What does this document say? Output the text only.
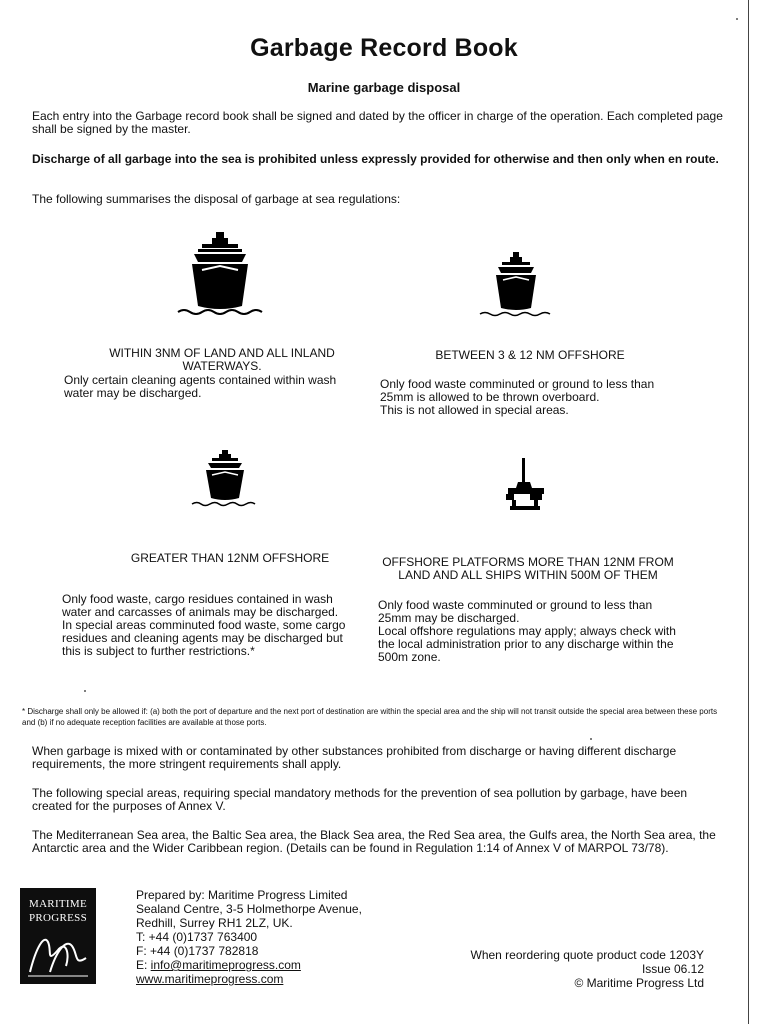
Garbage Record Book
Marine garbage disposal
Each entry into the Garbage record book shall be signed and dated by the officer in charge of the operation. Each completed page shall be signed by the master.
Discharge of all garbage into the sea is prohibited unless expressly provided for otherwise and then only when en route.
The following summarises the disposal of garbage at sea regulations:
WITHIN 3NM OF LAND AND ALL INLAND WATERWAYS.
Only certain cleaning agents contained within wash water may be discharged.
BETWEEN 3 & 12 NM OFFSHORE
Only food waste comminuted or ground to less than 25mm is allowed to be thrown overboard.
This is not allowed in special areas.
GREATER THAN 12NM OFFSHORE
Only food waste, cargo residues contained in wash water and carcasses of animals may be discharged.
In special areas comminuted food waste, some cargo residues and cleaning agents may be discharged but this is subject to further restrictions.*
OFFSHORE PLATFORMS MORE THAN 12NM FROM LAND AND ALL SHIPS WITHIN 500M OF THEM
Only food waste comminuted or ground to less than 25mm may be discharged.
Local offshore regulations may apply; always check with the local administration prior to any discharge within the 500m zone.
* Discharge shall only be allowed if: (a) both the port of departure and the next port of destination are within the special area and the ship will not transit outside the special area between these ports and (b) if no adequate reception facilities are available at those ports.
When garbage is mixed with or contaminated by other substances prohibited from discharge or having different discharge requirements, the more stringent requirements shall apply.
The following special areas, requiring special mandatory methods for the prevention of sea pollution by garbage, have been created for the purposes of Annex V.
The Mediterranean Sea area, the Baltic Sea area, the Black Sea area, the Red Sea area, the Gulfs area, the North Sea area, the Antarctic area and the Wider Caribbean region. (Details can be found in Regulation 1:14 of Annex V of MARPOL 73/78).
MARITIME
PROGRESS
Prepared by: Maritime Progress Limited
Sealand Centre, 3-5 Holmethorpe Avenue,
Redhill, Surrey RH1 2LZ, UK.
T: +44 (0)1737 763400
F: +44 (0)1737 782818
E: info@maritimeprogress.com
www.maritimeprogress.com
When reordering quote product code 1203Y
Issue 06.12
© Maritime Progress Ltd
